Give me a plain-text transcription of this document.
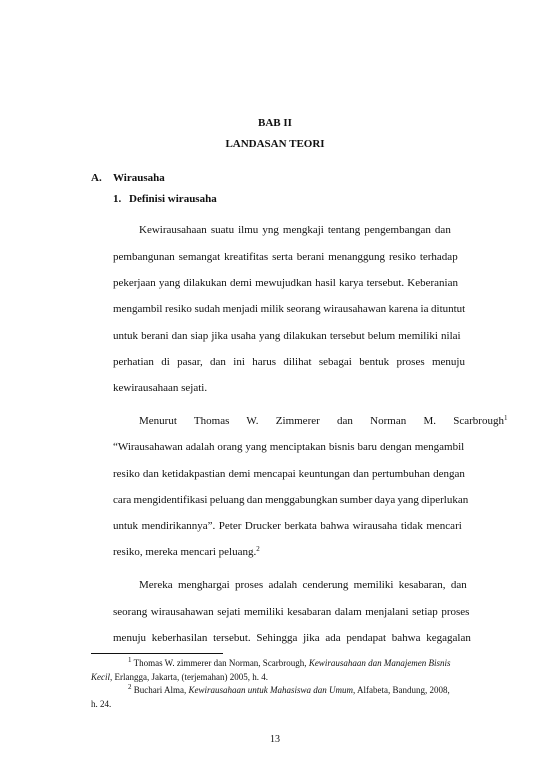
BAB II
LANDASAN TEORI
A. Wirausaha
1. Definisi wirausaha
Kewirausahaan suatu ilmu yng mengkaji tentang pengembangan dan
pembangunan semangat kreatifitas serta berani menanggung resiko terhadap
pekerjaan yang dilakukan demi mewujudkan hasil karya tersebut. Keberanian
mengambil resiko sudah menjadi milik seorang wirausahawan karena ia dituntut
untuk berani dan siap jika usaha yang dilakukan tersebut belum memiliki nilai
perhatian di pasar, dan ini harus dilihat sebagai bentuk proses menuju
kewirausahaan sejati.
Menurut Thomas W. Zimmerer dan Norman M. Scarbrough$^1$
“Wirausahawan adalah orang yang menciptakan bisnis baru dengan mengambil
resiko dan ketidakpastian demi mencapai keuntungan dan pertumbuhan dengan
cara mengidentifikasi peluang dan menggabungkan sumber daya yang diperlukan
untuk mendirikannya”. Peter Drucker berkata bahwa wirausaha tidak mencari
resiko, mereka mencari peluang.$^2$
Mereka menghargai proses adalah cenderung memiliki kesabaran, dan
seorang wirausahawan sejati memiliki kesabaran dalam menjalani setiap proses
menuju keberhasilan tersebut. Sehingga jika ada pendapat bahwa kegagalan
$^1$ Thomas W. zimmerer dan Norman, Scarbrough, Kewirausahaan dan Manajemen Bisnis
Kecil, Erlangga, Jakarta, (terjemahan) 2005, h. 4.
$^2$ Buchari Alma, Kewirausahaan untuk Mahasiswa dan Umum, Alfabeta, Bandung, 2008,
h. 24.
13
